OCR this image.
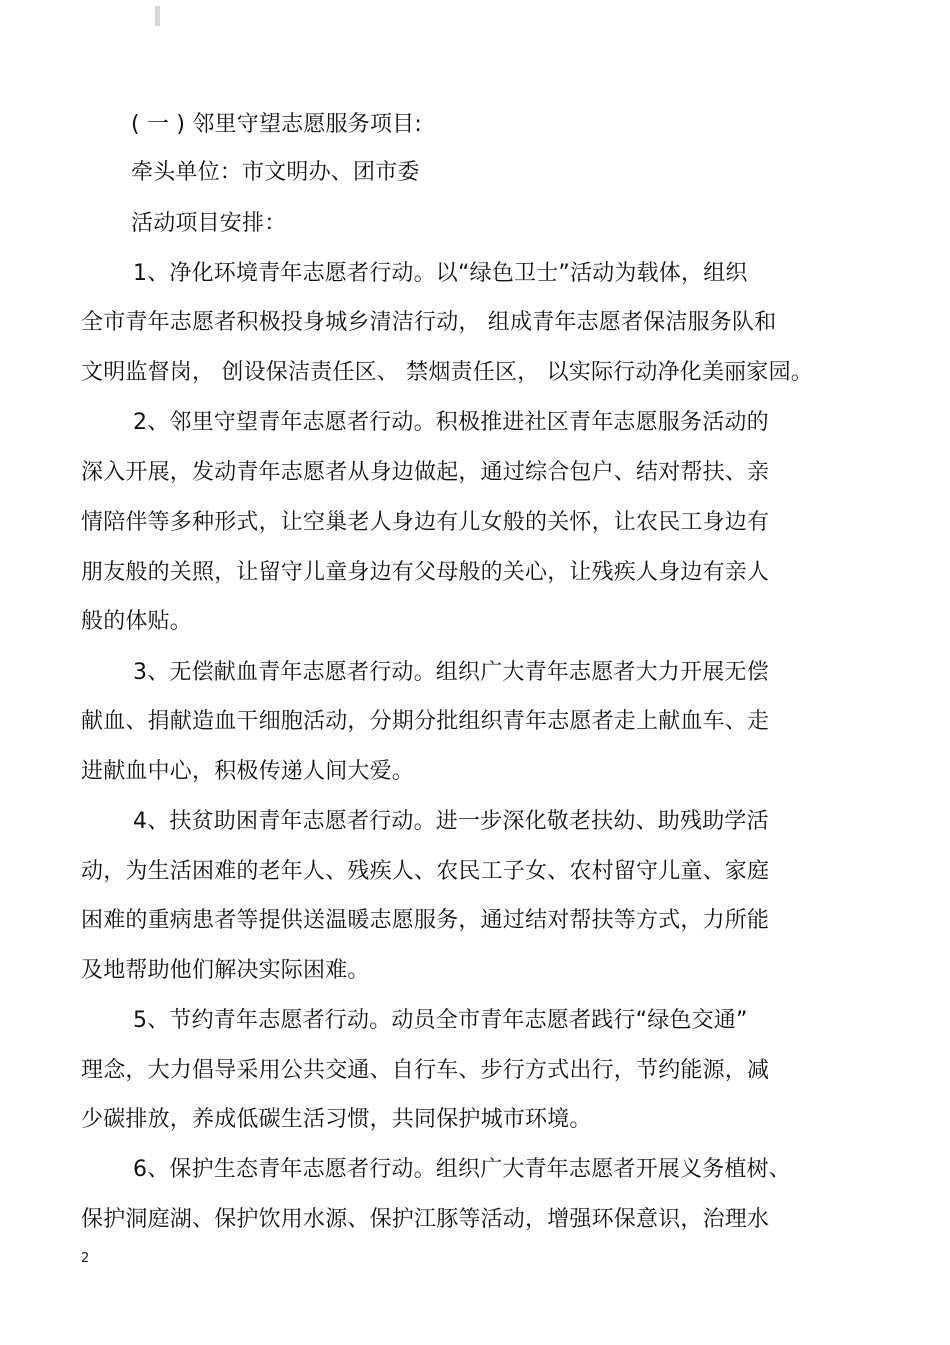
( 一 ) 邻里守望志愿服务项目:

牵头单位：市文明办、团市委

活动项目安排：

1、净化环境青年志愿者行动。以“绿色卫士”活动为载体，组织

全市青年志愿者积极投身城乡清洁行动， 组成青年志愿者保洁服务队和

文明监督岗， 创设保洁责任区、 禁烟责任区， 以实际行动净化美丽家园。

2、邻里守望青年志愿者行动。积极推进社区青年志愿服务活动的

深入开展，发动青年志愿者从身边做起，通过综合包户、结对帮扶、亲

情陪伴等多种形式，让空巢老人身边有儿女般的关怀，让农民工身边有

朋友般的关照，让留守儿童身边有父母般的关心，让残疾人身边有亲人

般的体贴。

3、无偿献血青年志愿者行动。组织广大青年志愿者大力开展无偿

献血、捐献造血干细胞活动，分期分批组织青年志愿者走上献血车、走

进献血中心，积极传递人间大爱。

4、扶贫助困青年志愿者行动。进一步深化敬老扶幼、助残助学活

动，为生活困难的老年人、残疾人、农民工子女、农村留守儿童、家庭

困难的重病患者等提供送温暖志愿服务，通过结对帮扶等方式，力所能

及地帮助他们解决实际困难。

5、节约青年志愿者行动。动员全市青年志愿者践行“绿色交通”

理念，大力倡导采用公共交通、自行车、步行方式出行，节约能源，减

少碳排放，养成低碳生活习惯，共同保护城市环境。

6、保护生态青年志愿者行动。组织广大青年志愿者开展义务植树、

保护洞庭湖、保护饮用水源、保护江豚等活动，增强环保意识，治理水

2
